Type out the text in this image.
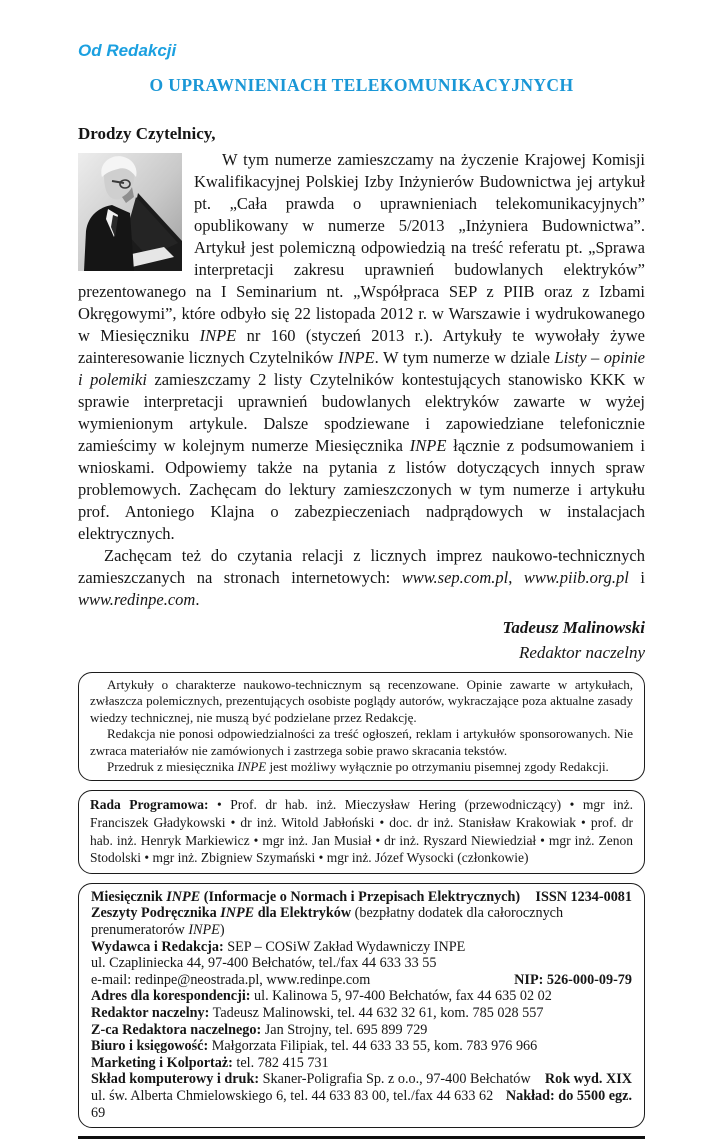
Od Redakcji
O UPRAWNIENIACH TELEKOMUNIKACYJNYCH
Drodzy Czytelnicy,

W tym numerze zamieszczamy na życzenie Krajowej Komisji Kwalifikacyjnej Polskiej Izby Inżynierów Budownictwa jej artykuł pt. „Cała prawda o uprawnieniach telekomunikacyjnych” opublikowany w numerze 5/2013 „Inżyniera Budownictwa”. Artykuł jest polemiczną odpowiedzią na treść referatu pt. „Sprawa interpretacji zakresu uprawnień budowlanych elektryków” prezentowanego na I Seminarium nt. „Współpraca SEP z PIIB oraz z Izbami Okręgowymi”, które odbyło się 22 listopada 2012 r. w Warszawie i wydrukowanego w Miesięczniku INPE nr 160 (styczeń 2013 r.). Artykuły te wywołały żywe zainteresowanie licznych Czytelników INPE. W tym numerze w dziale Listy – opinie i polemiki zamieszczamy 2 listy Czytelników kontestujących stanowisko KKK w sprawie interpretacji uprawnień budowlanych elektryków zawarte w wyżej wymienionym artykule. Dalsze spodziewane i zapowiedziane telefonicznie zamieścimy w kolejnym numerze Miesięcznika INPE łącznie z podsumowaniem i wnioskami. Odpowiemy także na pytania z listów dotyczących innych spraw problemowych. Zachęcam do lektury zamieszczonych w tym numerze i artykułu prof. Antoniego Klajna o zabezpieczeniach nadprądowych w instalacjach elektrycznych.

Zachęcam też do czytania relacji z licznych imprez naukowo-technicznych zamieszczanych na stronach internetowych: www.sep.com.pl, www.piib.org.pl i www.redinpe.com.

Tadeusz Malinowski
Redaktor naczelny

Artykuły o charakterze naukowo-technicznym są recenzowane. Opinie zawarte w artykułach, zwłaszcza polemicznych, prezentujących osobiste poglądy autorów, wykraczające poza aktualne zasady wiedzy technicznej, nie muszą być podzielane przez Redakcję.

Redakcja nie ponosi odpowiedzialności za treść ogłoszeń, reklam i artykułów sponsorowanych. Nie zwraca materiałów nie zamówionych i zastrzega sobie prawo skracania tekstów.

Przedruk z miesięcznika INPE jest możliwy wyłącznie po otrzymaniu pisemnej zgody Redakcji.

Rada Programowa: • Prof. dr hab. inż. Mieczysław Hering (przewodniczący) • mgr inż. Franciszek Gładykowski • dr inż. Witold Jabłoński • doc. dr inż. Stanisław Krakowiak • prof. dr hab. inż. Henryk Markiewicz • mgr inż. Jan Musiał • dr inż. Ryszard Niewiedział • mgr inż. Zenon Stodolski • mgr inż. Zbigniew Szymański • mgr inż. Józef Wysocki (członkowie)
Miesięcznik INPE (Informacje o Normach i Przepisach Elektrycznych)	ISSN 1234-0081
Zeszyty Podręcznika INPE dla Elektryków (bezpłatny dodatek dla całorocznych prenumeratorów INPE)
Wydawca i Redakcja: SEP – COSiW Zakład Wydawniczy INPE
ul. Czapliniecka 44, 97-400 Bełchatów, tel./fax 44 633 33 55
e-mail: redinpe@neostrada.pl, www.redinpe.com	NIP: 526-000-09-79
Adres dla korespondencji: ul. Kalinowa 5, 97-400 Bełchatów, fax 44 635 02 02
Redaktor naczelny: Tadeusz Malinowski, tel. 44 632 32 61, kom. 785 028 557
Z-ca Redaktora naczelnego: Jan Strojny, tel. 695 899 729
Biuro i księgowość: Małgorzata Filipiak, tel. 44 633 33 55, kom. 783 976 966
Marketing i Kolportaż: tel. 782 415 731
Skład komputerowy i druk: Skaner-Poligrafia Sp. z o.o., 97-400 Bełchatów	Rok wyd. XIX
ul. św. Alberta Chmielowskiego 6, tel. 44 633 83 00, tel./fax 44 633 62 69
Nakład: do 5500 egz.
